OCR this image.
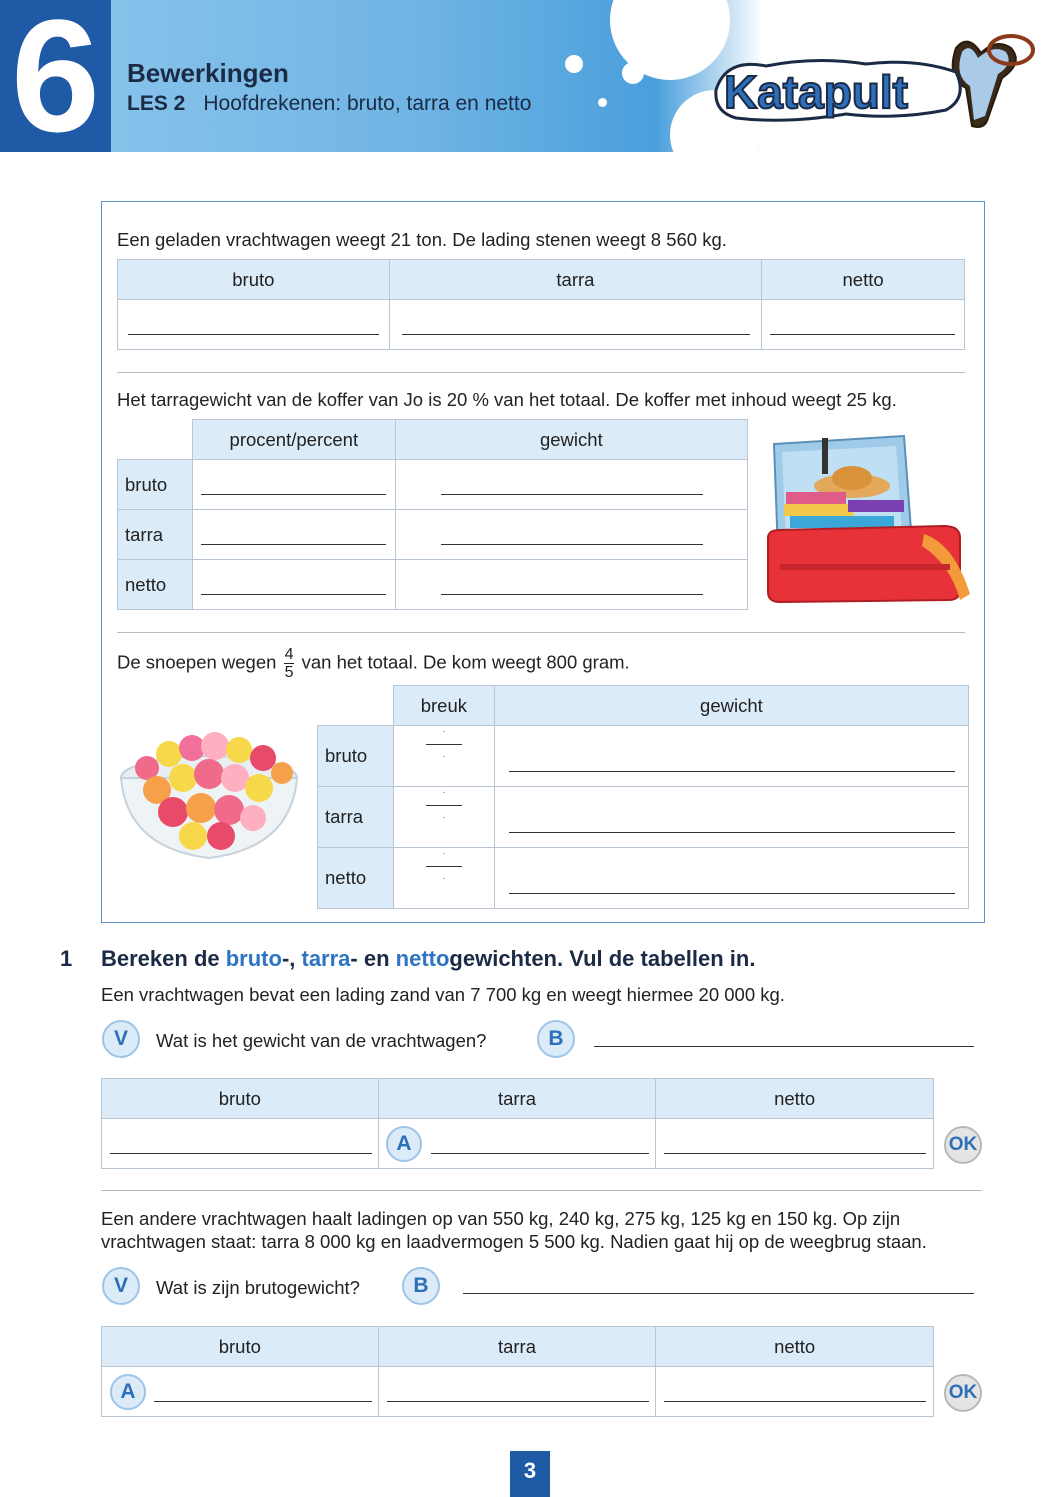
6	Bewerkingen
LES 2 Hoofdrekenen: bruto, tarra en netto	Katapult
Een geladen vrachtwagen weegt 21 ton. De lading stenen weegt 8 560 kg.
bruto	tarra	netto

Het tarragewicht van de koffer van Jo is 20 % van het totaal. De koffer met inhoud weegt 25 kg.
	procent/percent	gewicht
bruto	

tarra	

netto	

De snoepen wegen $\frac{4}{5}$ van het totaal. De kom weegt 800 gram.
	breuk	gewicht
bruto	·
·	

tarra	·
·	

netto	·
·	

1 Bereken de bruto-, tarra- en nettogewichten. Vul de tabellen in.
Een vrachtwagen bevat een lading zand van 7 700 kg en weegt hiermee 20 000 kg.
V	Wat is het gewicht van de vrachtwagen?	B
bruto	tarra	netto

A	OK
Een andere vrachtwagen haalt ladingen op van 550 kg, 240 kg, 275 kg, 125 kg en 150 kg. Op zijn
vrachtwagen staat: tarra 8 000 kg en laadvermogen 5 500 kg. Nadien gaat hij op de weegbrug staan.
V	Wat is zijn brutogewicht?	B
bruto	tarra	netto

A	OK
3
